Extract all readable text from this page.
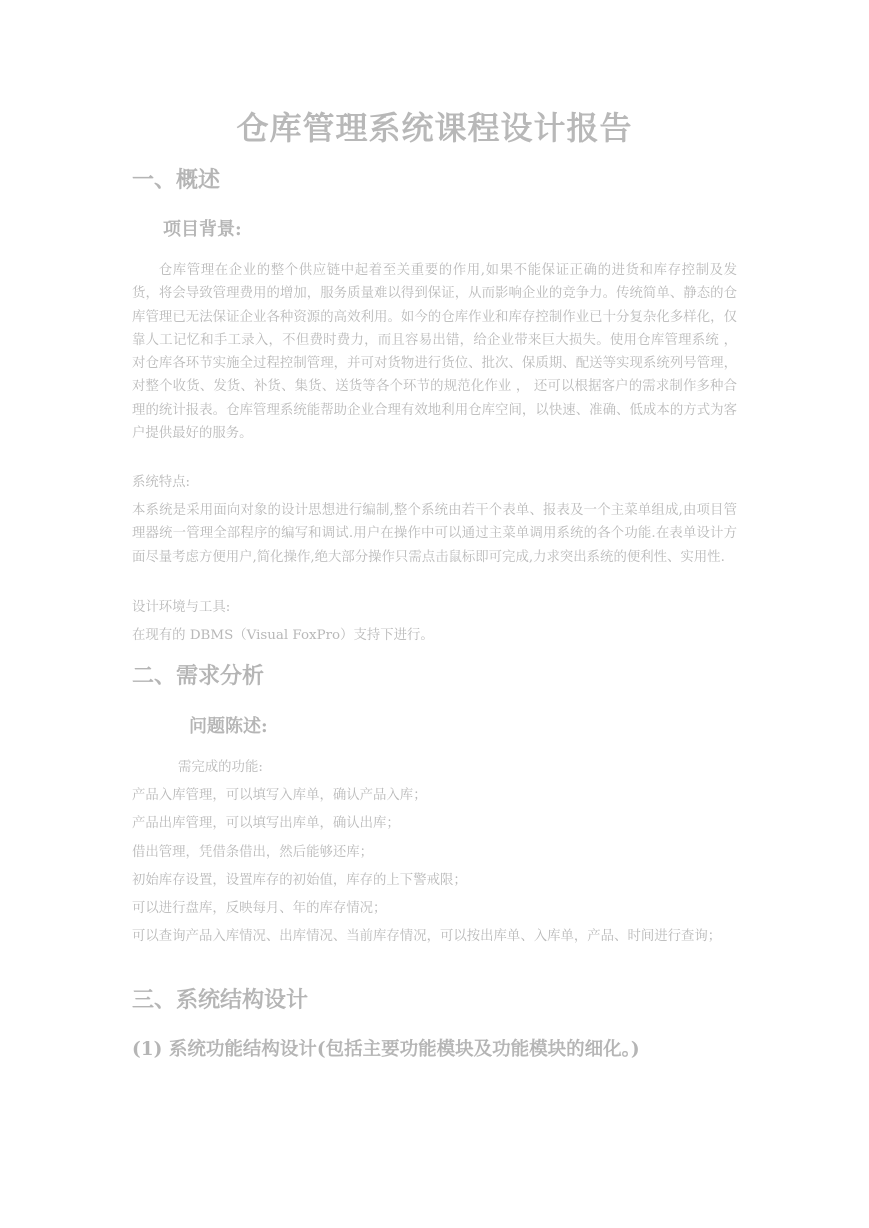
仓库管理系统课程设计报告
一、概述
项目背景:

仓库管理在企业的整个供应链中起着至关重要的作用,如果不能保证正确的进货和库存控制及发货，将会导致管理费用的增加，服务质量难以得到保证，从而影响企业的竞争力。传统简单、静态的仓库管理已无法保证企业各种资源的高效利用。如今的仓库作业和库存控制作业已十分复杂化多样化，仅靠人工记忆和手工录入，不但费时费力，而且容易出错，给企业带来巨大损失。使用仓库管理系统 ， 对仓库各环节实施全过程控制管理，并可对货物进行货位、批次、保质期、配送等实现系统列号管理，对整个收货、发货、补货、集货、送货等各个环节的规范化作业 ， 还可以根据客户的需求制作多种合理的统计报表。仓库管理系统能帮助企业合理有效地利用仓库空间，以快速、准确、低成本的方式为客户提供最好的服务。

系统特点:

本系统是采用面向对象的设计思想进行编制,整个系统由若干个表单、报表及一个主菜单组成,由项目管理器统一管理全部程序的编写和调试.用户在操作中可以通过主菜单调用系统的各个功能.在表单设计方面尽量考虑方便用户,简化操作,绝大部分操作只需点击鼠标即可完成,力求突出系统的便利性、实用性.

设计环境与工具:

在现有的 DBMS（Visual FoxPro）支持下进行。

二、需求分析
问题陈述:

需完成的功能:

产品入库管理，可以填写入库单，确认产品入库；

产品出库管理，可以填写出库单，确认出库；

借出管理，凭借条借出，然后能够还库；

初始库存设置，设置库存的初始值，库存的上下警戒限；

可以进行盘库，反映每月、年的库存情况；

可以查询产品入库情况、出库情况、当前库存情况，可以按出库单、入库单，产品、时间进行查询；

三、系统结构设计
(1) 系统功能结构设计(包括主要功能模块及功能模块的细化。)
